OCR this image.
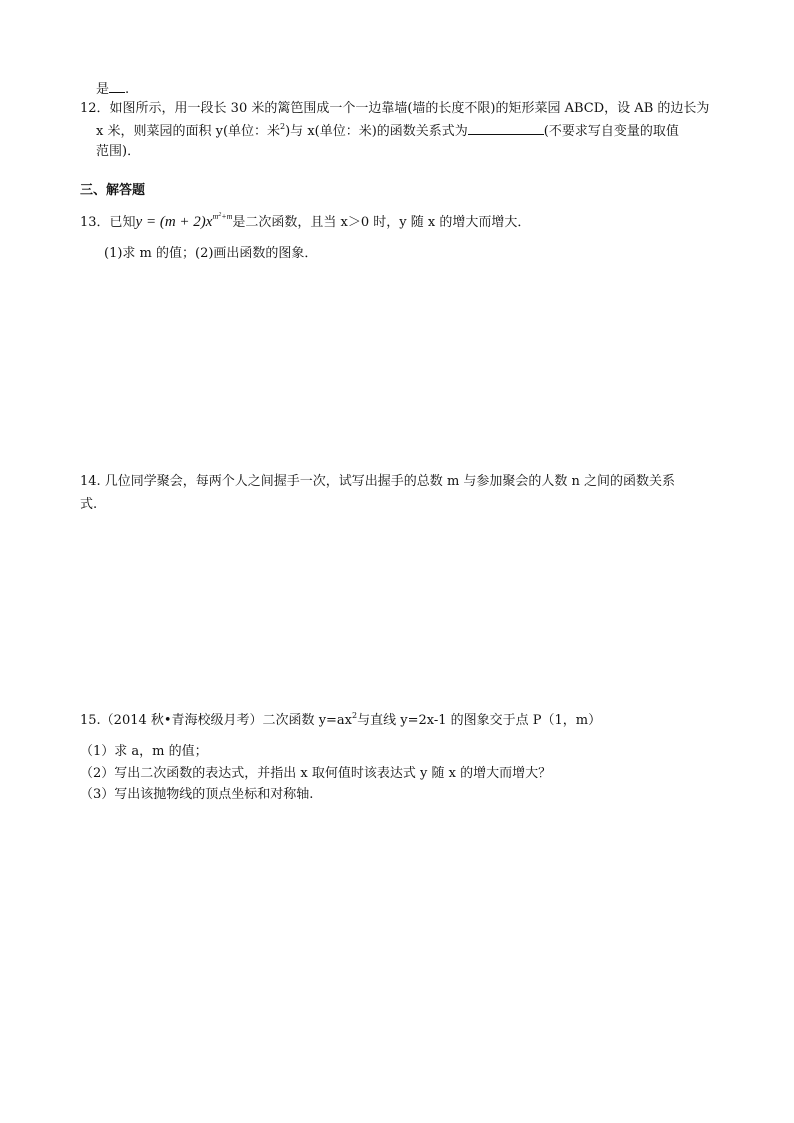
是 .
12．如图所示，用一段长 30 米的篱笆围成一个一边靠墙(墙的长度不限)的矩形菜园 ABCD，设 AB 的边长为
x 米，则菜园的面积 y(单位：米$^2$)与 x(单位：米)的函数关系式为	(不要求写自变量的取值
范围)．
三、解答题
13．已知$y = (m + 2)x^{m^2+m}$是二次函数，且当 x＞0 时，y 随 x 的增大而增大．
(1)求 m 的值；(2)画出函数的图象．
14. 几位同学聚会，每两个人之间握手一次，试写出握手的总数 m 与参加聚会的人数 n 之间的函数关系
式.
15.（2014 秋•青海校级月考）二次函数 $y=ax^2$与直线 y=2x-1 的图象交于点 P（1，m）
（1）求 a，m 的值；
（2）写出二次函数的表达式，并指出 x 取何值时该表达式 y 随 x 的增大而增大？
（3）写出该抛物线的顶点坐标和对称轴.
